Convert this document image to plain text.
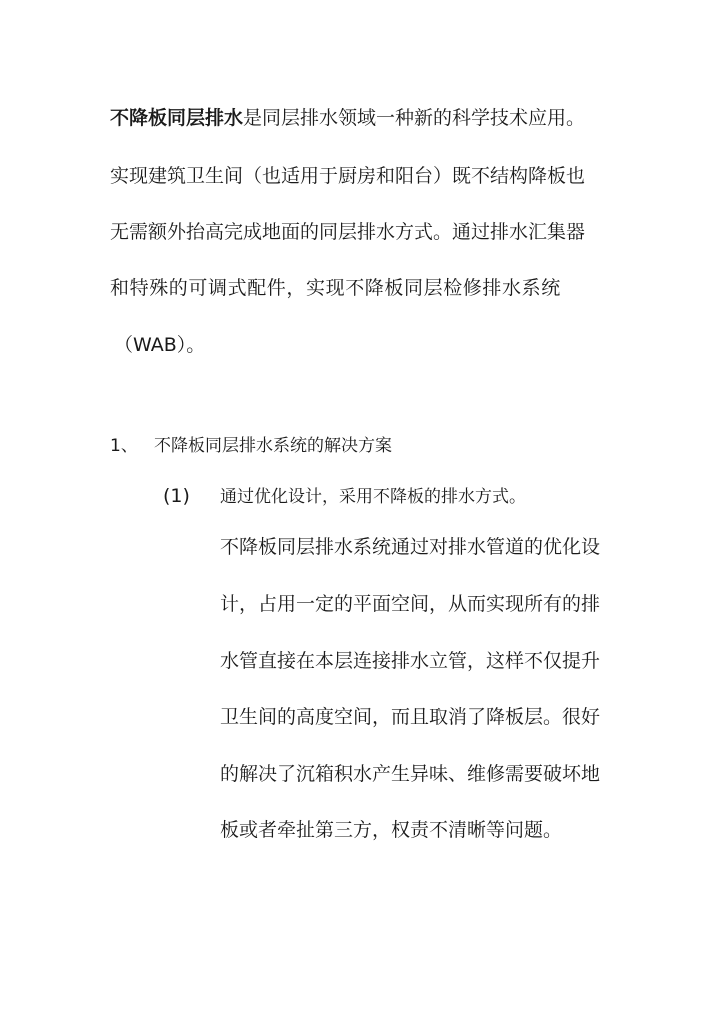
不降板同层排水是同层排水领域一种新的科学技术应用。
实现建筑卫生间（也适用于厨房和阳台）既不结构降板也
无需额外抬高完成地面的同层排水方式。通过排水汇集器
和特殊的可调式配件，实现不降板同层检修排水系统
（WAB）。
1、 不降板同层排水系统的解决方案
(1) 通过优化设计，采用不降板的排水方式。
不降板同层排水系统通过对排水管道的优化设
计，占用一定的平面空间，从而实现所有的排
水管直接在本层连接排水立管，这样不仅提升
卫生间的高度空间，而且取消了降板层。很好
的解决了沉箱积水产生异味、维修需要破坏地
板或者牵扯第三方，权责不清晰等问题。
